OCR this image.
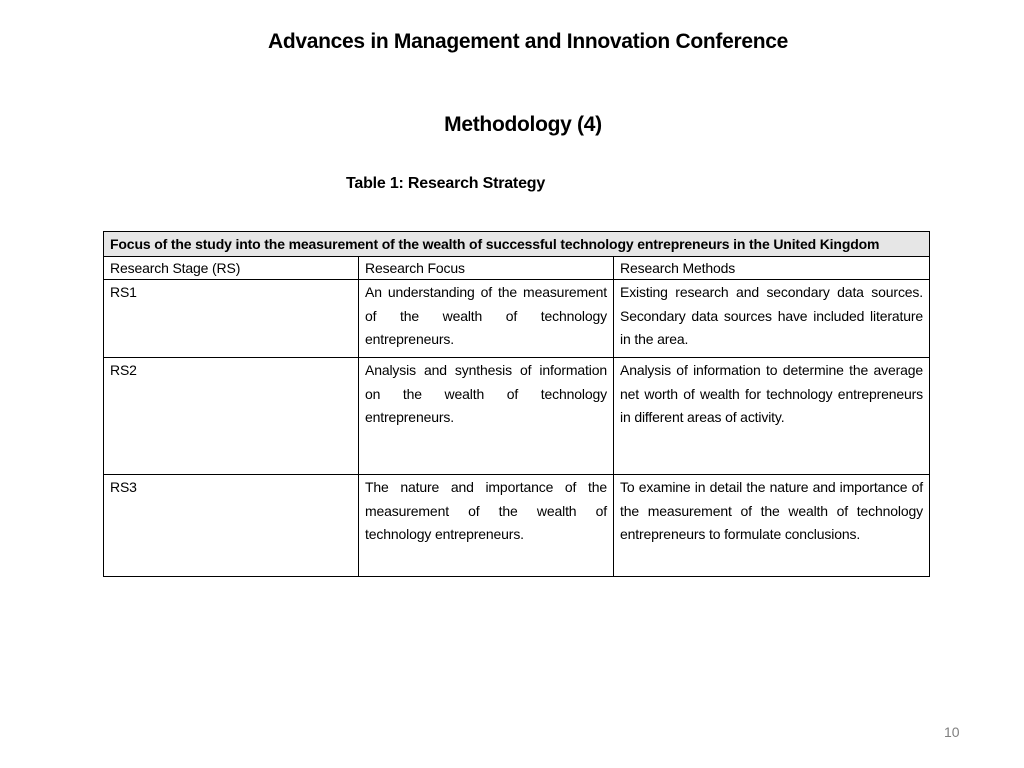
Advances in Management and Innovation Conference
Methodology (4)
Table 1: Research Strategy
Focus of the study into the measurement of the wealth of successful technology entrepreneurs in the United Kingdom		
Research Stage (RS)	Research Focus	Research Methods
RS1	An understanding of the measurement of the wealth of technology entrepreneurs.	Existing research and secondary data sources. Secondary data sources have included literature in the area.
RS2	Analysis and synthesis of information on the wealth of technology entrepreneurs.	Analysis of information to determine the average net worth of wealth for technology entrepreneurs in different areas of activity.
RS3	The nature and importance of the measurement of the wealth of technology entrepreneurs.	To examine in detail the nature and importance of the measurement of the wealth of technology entrepreneurs to formulate conclusions.
10
